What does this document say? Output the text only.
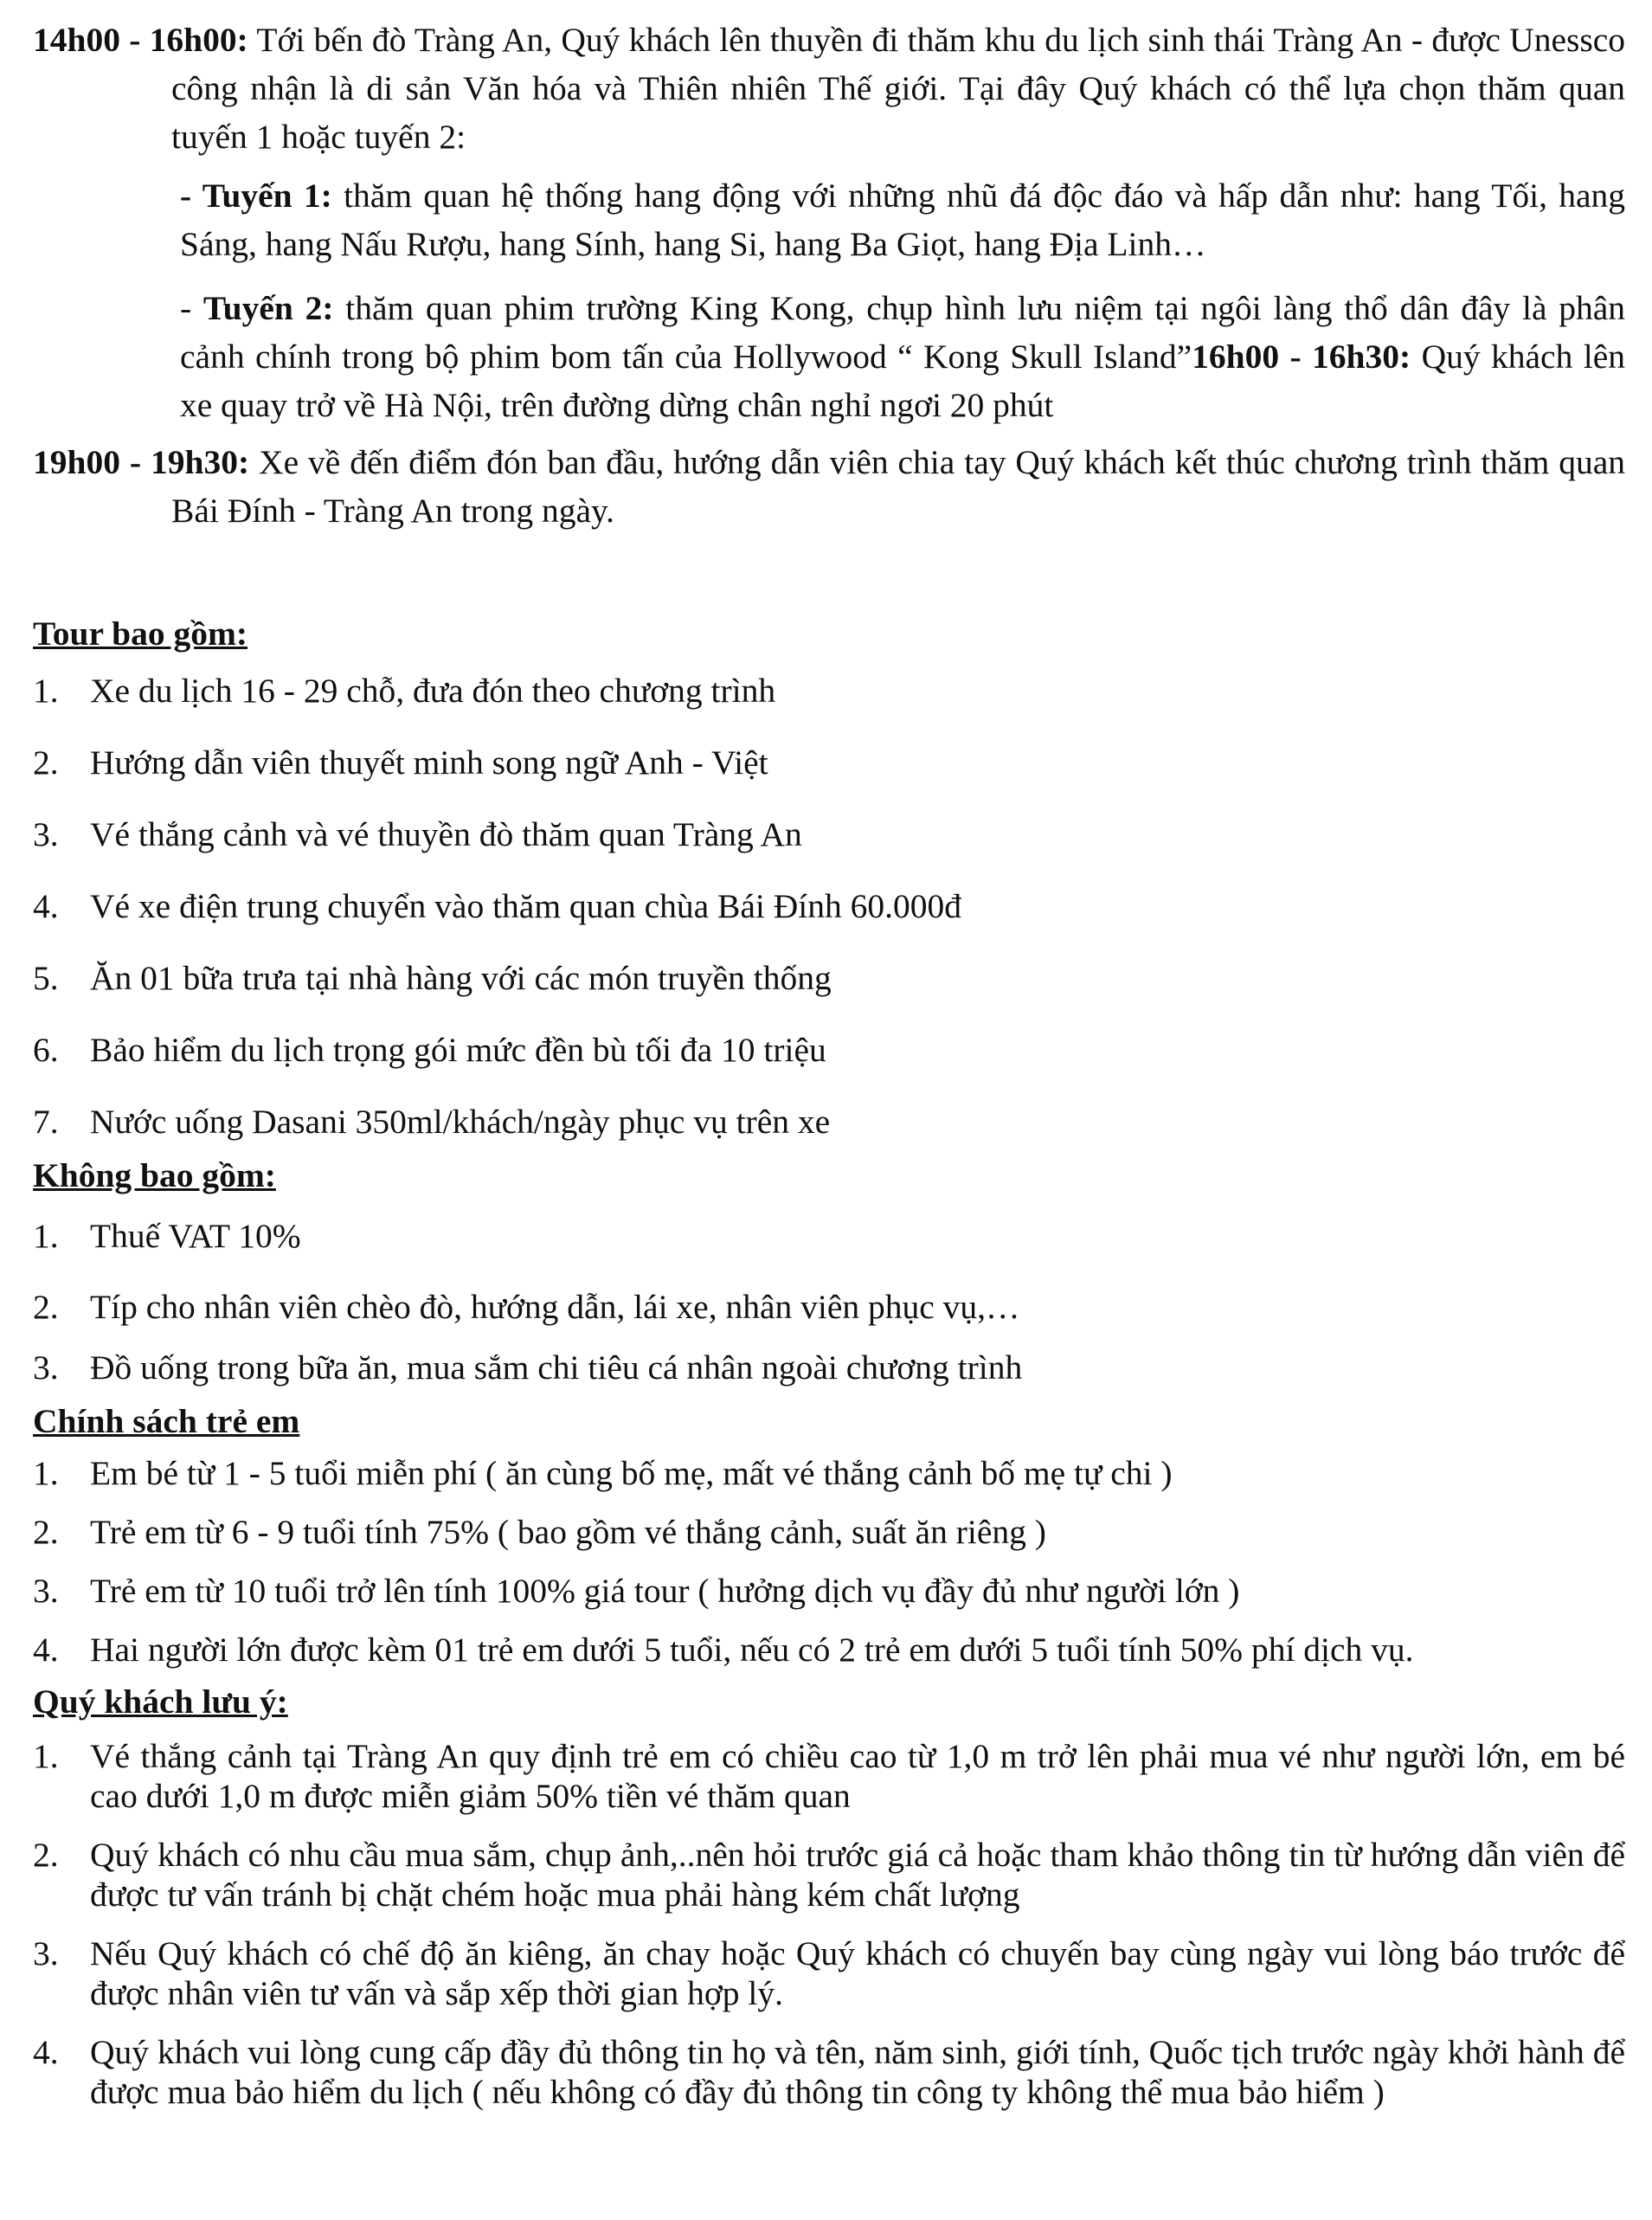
14h00 - 16h00: Tới bến đò Tràng An, Quý khách lên thuyền đi thăm khu du lịch sinh thái Tràng An - được Unessco công nhận là di sản Văn hóa và Thiên nhiên Thế giới. Tại đây Quý khách có thể lựa chọn thăm quan tuyến 1 hoặc tuyến 2:

- Tuyến 1: thăm quan hệ thống hang động với những nhũ đá độc đáo và hấp dẫn như: hang Tối, hang Sáng, hang Nấu Rượu, hang Sính, hang Si, hang Ba Giọt, hang Địa Linh…

- Tuyến 2: thăm quan phim trường King Kong, chụp hình lưu niệm tại ngôi làng thổ dân đây là phân cảnh chính trong bộ phim bom tấn của Hollywood “ Kong Skull Island”16h00 - 16h30: Quý khách lên xe quay trở về Hà Nội, trên đường dừng chân nghỉ ngơi 20 phút

19h00 - 19h30: Xe về đến điểm đón ban đầu, hướng dẫn viên chia tay Quý khách kết thúc chương trình thăm quan Bái Đính - Tràng An trong ngày.

Tour bao gồm:

1. Xe du lịch 16 - 29 chỗ, đưa đón theo chương trình
2. Hướng dẫn viên thuyết minh song ngữ Anh - Việt
3. Vé thắng cảnh và vé thuyền đò thăm quan Tràng An
4. Vé xe điện trung chuyển vào thăm quan chùa Bái Đính 60.000đ
5. Ăn 01 bữa trưa tại nhà hàng với các món truyền thống
6. Bảo hiểm du lịch trọng gói mức đền bù tối đa 10 triệu
7. Nước uống Dasani 350ml/khách/ngày phục vụ trên xe

Không bao gồm:

1. Thuế VAT 10%
2. Típ cho nhân viên chèo đò, hướng dẫn, lái xe, nhân viên phục vụ,…
3. Đồ uống trong bữa ăn, mua sắm chi tiêu cá nhân ngoài chương trình

Chính sách trẻ em

1. Em bé từ 1 - 5 tuổi miễn phí ( ăn cùng bố mẹ, mất vé thắng cảnh bố mẹ tự chi )
2. Trẻ em từ 6 - 9 tuổi tính 75% ( bao gồm vé thắng cảnh, suất ăn riêng )
3. Trẻ em từ 10 tuổi trở lên tính 100% giá tour ( hưởng dịch vụ đầy đủ như người lớn )
4. Hai người lớn được kèm 01 trẻ em dưới 5 tuổi, nếu có 2 trẻ em dưới 5 tuổi tính 50% phí dịch vụ.

Quý khách lưu ý:

1. Vé thắng cảnh tại Tràng An quy định trẻ em có chiều cao từ 1,0 m trở lên phải mua vé như người lớn, em bé cao dưới 1,0 m được miễn giảm 50% tiền vé thăm quan
2. Quý khách có nhu cầu mua sắm, chụp ảnh,..nên hỏi trước giá cả hoặc tham khảo thông tin từ hướng dẫn viên để được tư vấn tránh bị chặt chém hoặc mua phải hàng kém chất lượng
3. Nếu Quý khách có chế độ ăn kiêng, ăn chay hoặc Quý khách có chuyến bay cùng ngày vui lòng báo trước để được nhân viên tư vấn và sắp xếp thời gian hợp lý.
4. Quý khách vui lòng cung cấp đầy đủ thông tin họ và tên, năm sinh, giới tính, Quốc tịch trước ngày khởi hành để được mua bảo hiểm du lịch ( nếu không có đầy đủ thông tin công ty không thể mua bảo hiểm )
